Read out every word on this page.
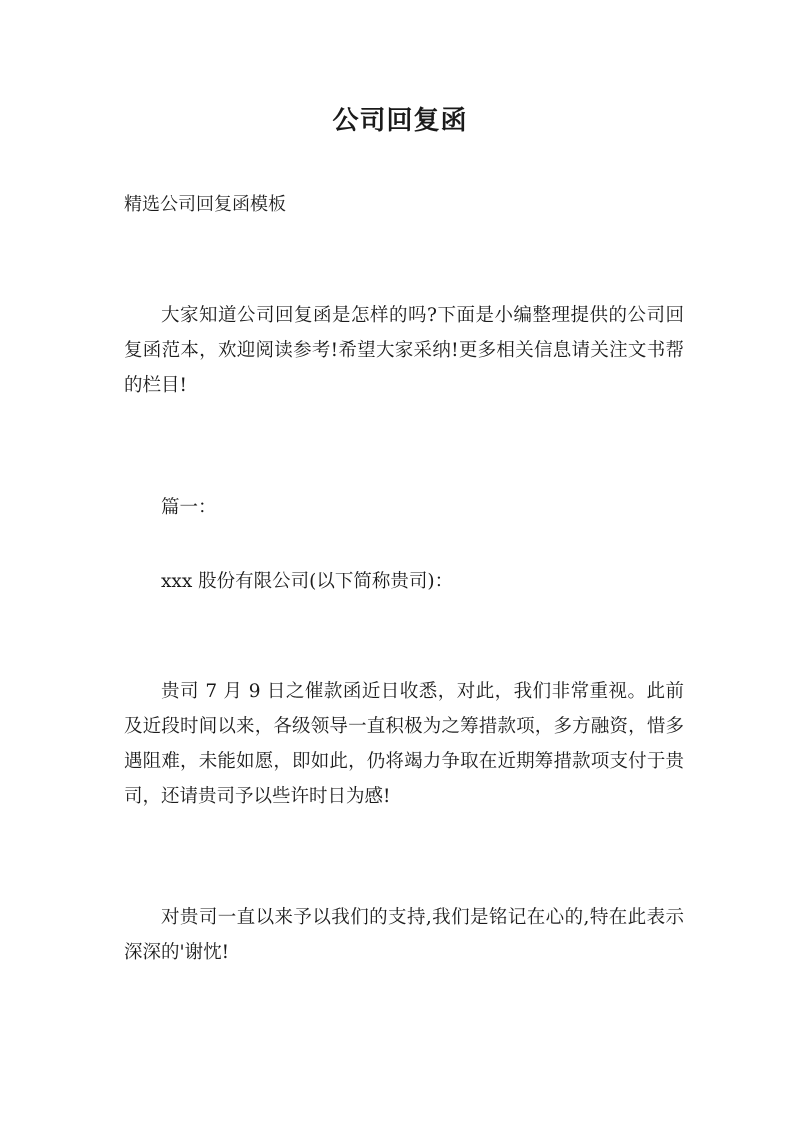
公司回复函

精选公司回复函模板

大家知道公司回复函是怎样的吗?下面是小编整理提供的公司回复函范本，欢迎阅读参考!希望大家采纳!更多相关信息请关注文书帮的栏目!

篇一：

xxx 股份有限公司(以下简称贵司)：

贵司 7 月 9 日之催款函近日收悉，对此，我们非常重视。此前及近段时间以来，各级领导一直积极为之筹措款项，多方融资，惜多遇阻难，未能如愿，即如此，仍将竭力争取在近期筹措款项支付于贵司，还请贵司予以些许时日为感!

对贵司一直以来予以我们的支持,我们是铭记在心的,特在此表示深深的'谢忱!
